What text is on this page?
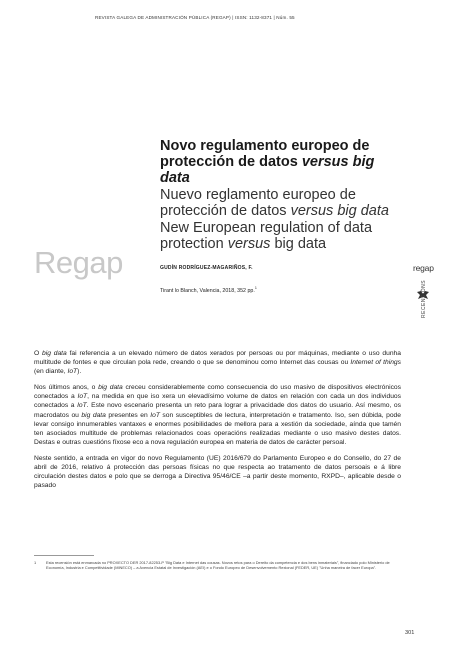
REVISTA GALEGA DE ADMINISTRACIÓN PÚBLICA (REGAP) | ISSN: 1132-8371 | Núm. 55
Novo regulamento europeo de
protección de datos versus big data
Nuevo reglamento europeo de
protección de datos versus big data
New European regulation of data
protection versus big data
Regap	GUDÍN RODRÍGUEZ-MAGARIÑOS, F.
Tirant lo Blanch, Valencia, 2018, 352 pp.$^1$
regap
RECENSIÓNS

O big data fai referencia a un elevado número de datos xerados por persoas ou por máquinas, mediante o uso dunha multitude de fontes e que circulan pola rede, creando o que se denominou como Internet das cousas ou Internet of things (en diante, IoT).

Nos últimos anos, o big data creceu considerablemente como consecuencia do uso masivo de dispositivos electrónicos conectados a IoT, na medida en que iso xera un elevadísimo volume de datos en relación con cada un dos individuos conectados a IoT. Este novo escenario presenta un reto para lograr a privacidade dos datos do usuario. Así mesmo, os macrodatos ou big data presentes en IoT son susceptibles de lectura, interpretación e tratamento. Iso, sen dúbida, pode levar consigo innumerables vantaxes e enormes posibilidades de mellora para a xestión da sociedade, aínda que tamén ten asociados multitude de problemas relacionados coas operacións realizadas mediante o uso masivo destes datos. Destas e outras cuestións fíxose eco a nova regulación europea en materia de datos de carácter persoal.

Neste sentido, a entrada en vigor do novo Regulamento (UE) 2016/679 do Parlamento Europeo e do Consello, do 27 de abril de 2016, relativo á protección das persoas físicas no que respecta ao tratamento de datos persoais e á libre circulación destes datos e polo que se derroga a Directiva 95/46/CE –a partir deste momento, RXPD–, aplicable desde o pasado

1	Esta recensión está enmarcada no PROXECTO DER 2017-82253-P "Big Data e Internet das cousas. Novos retos para o Dereito da competencia e dos bens inmateriais", financiado polo Ministerio de Economía, Industria e Competitividade (MINECO) – a Axencia Estatal de Investigación (AEI) e o Fondo Europeo de Desenvolvemento Rexional (FEDER, UE) "Unha maneira de facer Europa".
301
